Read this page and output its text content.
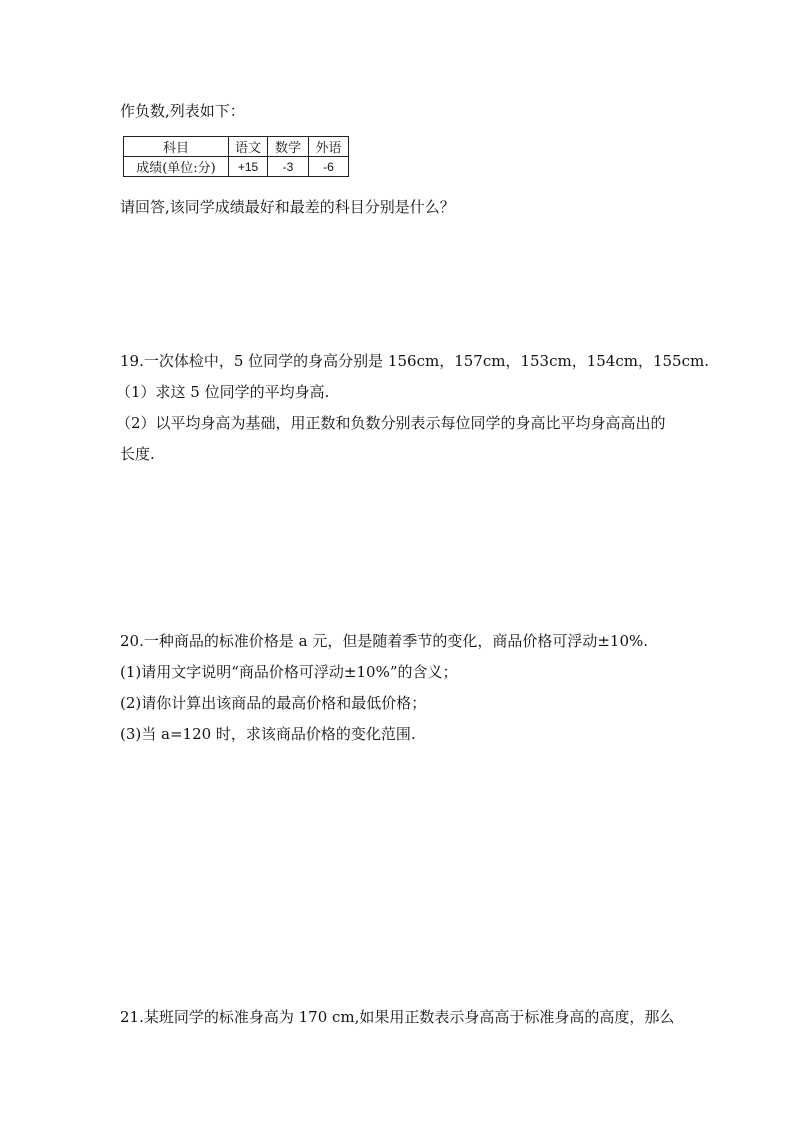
作负数,列表如下：
科目	语文	数学	外语
成绩(单位:分)	+15	-3	-6
请回答,该同学成绩最好和最差的科目分别是什么？
19.一次体检中，5 位同学的身高分别是 156cm，157cm，153cm，154cm，155cm.
（1）求这 5 位同学的平均身高.
（2）以平均身高为基础，用正数和负数分别表示每位同学的身高比平均身高高出的
长度.
20.一种商品的标准价格是 a 元，但是随着季节的变化，商品价格可浮动±10%.
(1)请用文字说明“商品价格可浮动±10%”的含义；
(2)请你计算出该商品的最高价格和最低价格；
(3)当 a=120 时，求该商品价格的变化范围.
21.某班同学的标准身高为 170 cm,如果用正数表示身高高于标准身高的高度，那么
